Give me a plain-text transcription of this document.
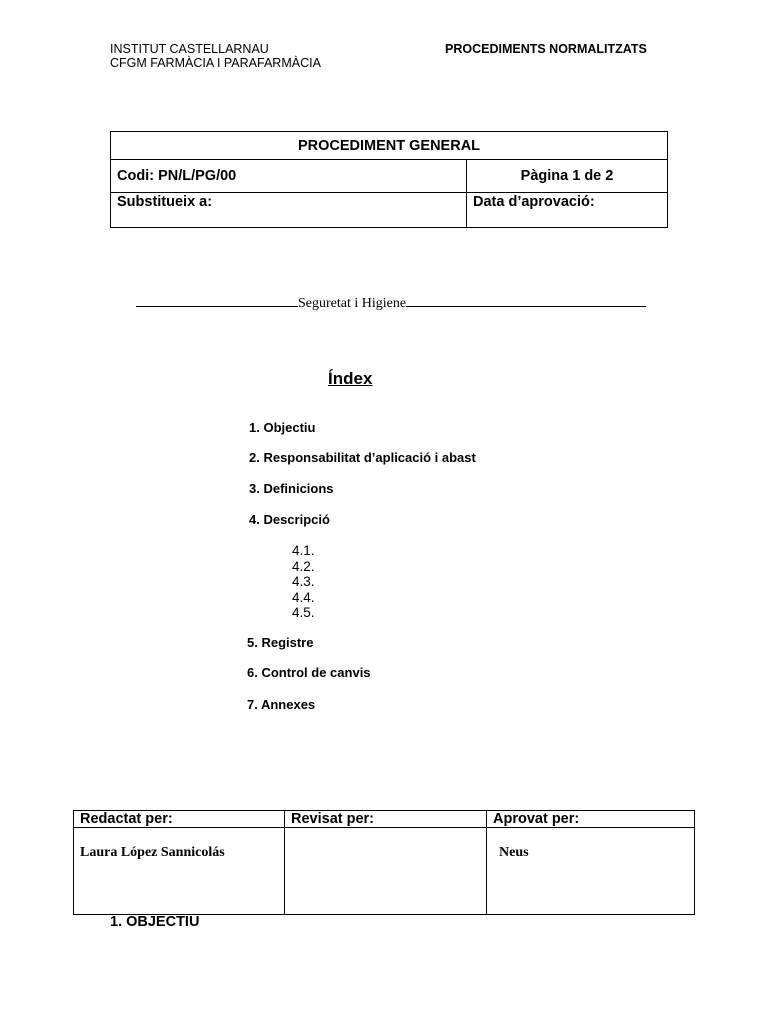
INSTITUT CASTELLARNAU
CFGM FARMÀCIA I PARAFARMÀCIA
PROCEDIMENTS NORMALITZATS
PROCEDIMENT GENERAL	
Codi: PN/L/PG/00	Pàgina 1 de 2
Substitueix a:	Data d’aprovació:
Seguretat i Higiene
Índex
1. Objectiu
2. Responsabilitat d’aplicació i abast
3. Definicions
4. Descripció
4.1.
4.2.
4.3.
4.4.
4.5.
5. Registre
6. Control de canvis
7. Annexes
Redactat per:	Revisat per:	Aprovat per:
Laura López Sannicolás		Neus
1. OBJECTIU
